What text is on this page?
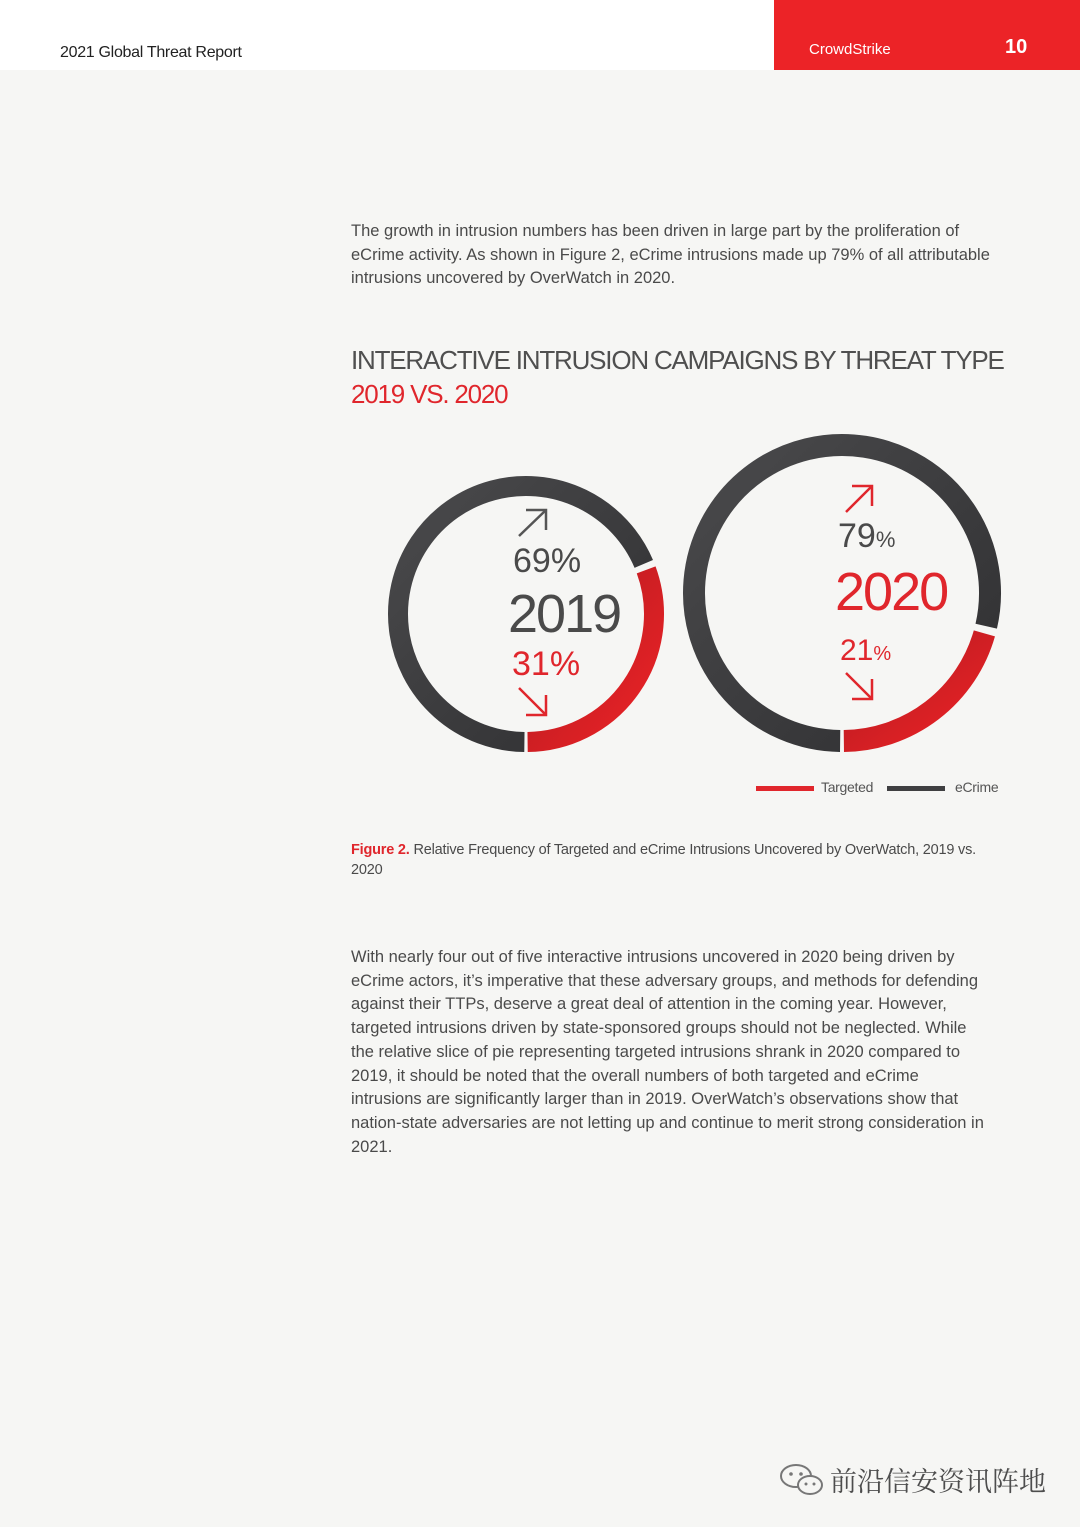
2021 Global Threat Report	CrowdStrike	10
The growth in intrusion numbers has been driven in large part by the proliferation of eCrime activity. As shown in Figure 2, eCrime intrusions made up 79% of all attributable intrusions uncovered by OverWatch in 2020.
INTERACTIVE INTRUSION CAMPAIGNS BY THREAT TYPE
2019 VS. 2020
69%
2019
31%
79%
2020
21%
Targeted	eCrime
Figure 2. Relative Frequency of Targeted and eCrime Intrusions Uncovered by OverWatch, 2019 vs. 2020
With nearly four out of five interactive intrusions uncovered in 2020 being driven by eCrime actors, it’s imperative that these adversary groups, and methods for defending against their TTPs, deserve a great deal of attention in the coming year. However, targeted intrusions driven by state-sponsored groups should not be neglected. While the relative slice of pie representing targeted intrusions shrank in 2020 compared to 2019, it should be noted that the overall numbers of both targeted and eCrime intrusions are significantly larger than in 2019. OverWatch’s observations show that nation-state adversaries are not letting up and continue to merit strong consideration in 2021.
前沿信安资讯阵地
